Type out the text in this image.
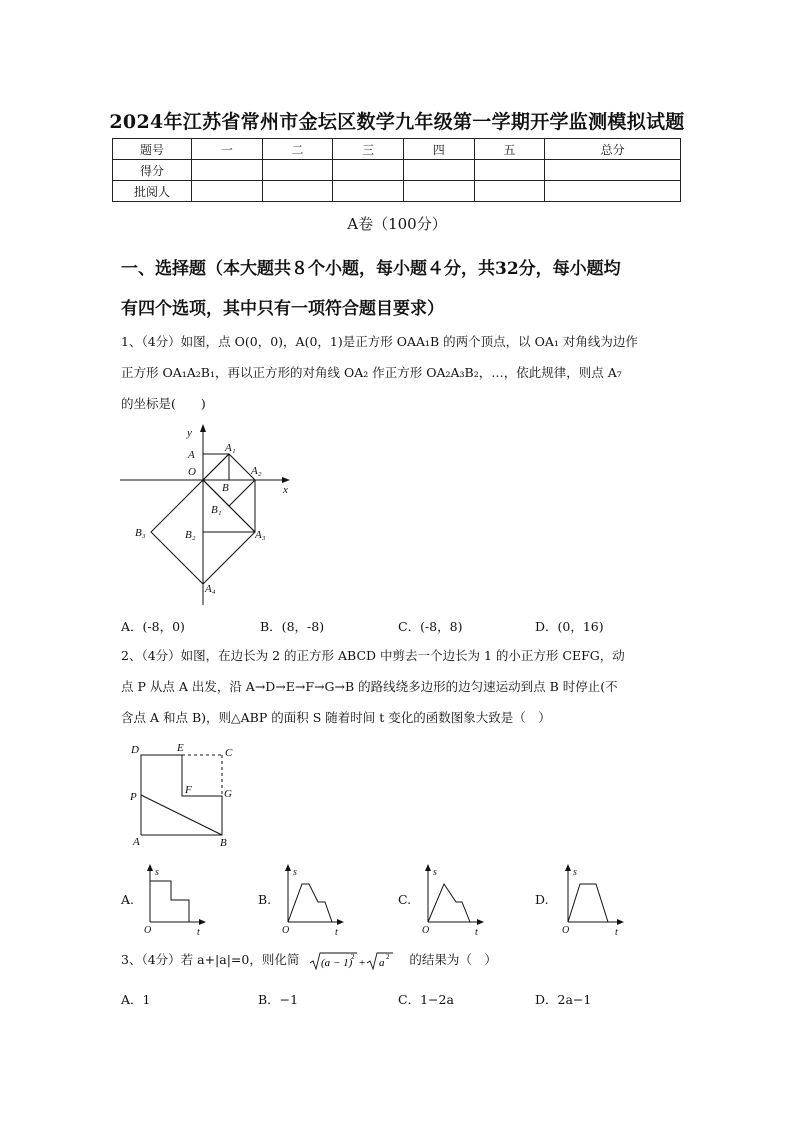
2024年江苏省常州市金坛区数学九年级第一学期开学监测模拟试题
题号	一	二	三	四	五	总分
得分						
批阅人						
A卷（100分）
一、选择题（本大题共８个小题，每小题４分，共32分，每小题均
有四个选项，其中只有一项符合题目要求）
1、（4分）如图，点 O(0，0)，A(0，1)是正方形 OAA₁B 的两个顶点，以 OA₁ 对角线为边作
正方形 OA₁A₂B₁，再以正方形的对角线 OA₂ 作正方形 OA₂A₃B₂，…，依此规律，则点 A₇
的坐标是(　　)
y
x
A
A₁
O	A₂
B
B₁
B₃	B₂	A₃
A₄
A．(-8，0)	B．(8，-8)	C．(-8，8)	D．(0，16)
2、（4分）如图，在边长为 2 的正方形 ABCD 中剪去一个边长为 1 的小正方形 CEFG，动
点 P 从点 A 出发，沿 A→D→E→F→G→B 的路线绕多边形的边匀速运动到点 B 时停止(不
含点 A 和点 B)，则△ABP 的面积 S 随着时间 t 变化的函数图象大致是（　）
D	E	C
P
F	G
A	B
A.
s
O	t
B.
s
O	t
C.
s
O	t
D.
s
O	t
3、（4分）若 a+|a|=0，则化简 (a − 1)
2 + a 2 的结果为（　）
A．1	B．−1	C．1−2a	D．2a−1
